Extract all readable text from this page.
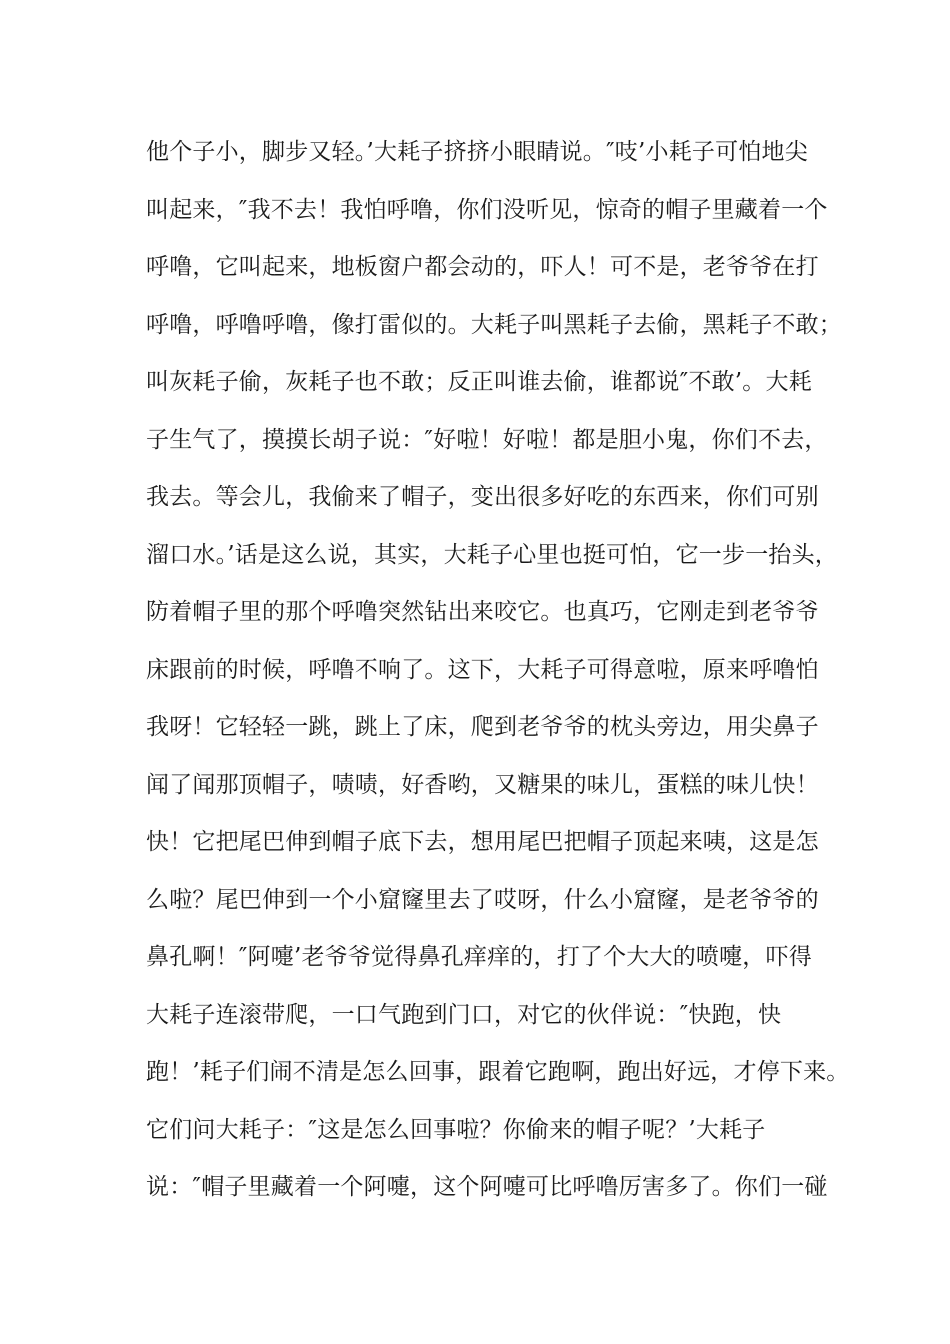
他个子小，脚步又轻。’大耗子挤挤小眼睛说。″吱’小耗子可怕地尖
叫起来，″我不去！我怕呼噜，你们没听见，惊奇的帽子里藏着一个
呼噜，它叫起来，地板窗户都会动的，吓人！可不是，老爷爷在打
呼噜，呼噜呼噜，像打雷似的。大耗子叫黑耗子去偷，黑耗子不敢；
叫灰耗子偷，灰耗子也不敢；反正叫谁去偷，谁都说″不敢’。大耗
子生气了，摸摸长胡子说：″好啦！好啦！都是胆小鬼，你们不去，
我去。等会儿，我偷来了帽子，变出很多好吃的东西来，你们可别
溜口水。’话是这么说，其实，大耗子心里也挺可怕，它一步一抬头，
防着帽子里的那个呼噜突然钻出来咬它。也真巧，它刚走到老爷爷
床跟前的时候，呼噜不响了。这下，大耗子可得意啦，原来呼噜怕
我呀！它轻轻一跳，跳上了床，爬到老爷爷的枕头旁边，用尖鼻子
闻了闻那顶帽子，啧啧，好香哟，又糖果的味儿，蛋糕的味儿快！
快！它把尾巴伸到帽子底下去，想用尾巴把帽子顶起来咦，这是怎
么啦？尾巴伸到一个小窟窿里去了哎呀，什么小窟窿，是老爷爷的
鼻孔啊！″阿嚏’老爷爷觉得鼻孔痒痒的，打了个大大的喷嚏，吓得
大耗子连滚带爬，一口气跑到门口，对它的伙伴说：″快跑，快
跑！’耗子们闹不清是怎么回事，跟着它跑啊，跑出好远，才停下来。
它们问大耗子：″这是怎么回事啦？你偷来的帽子呢？’大耗子
说：″帽子里藏着一个阿嚏，这个阿嚏可比呼噜厉害多了。你们一碰
